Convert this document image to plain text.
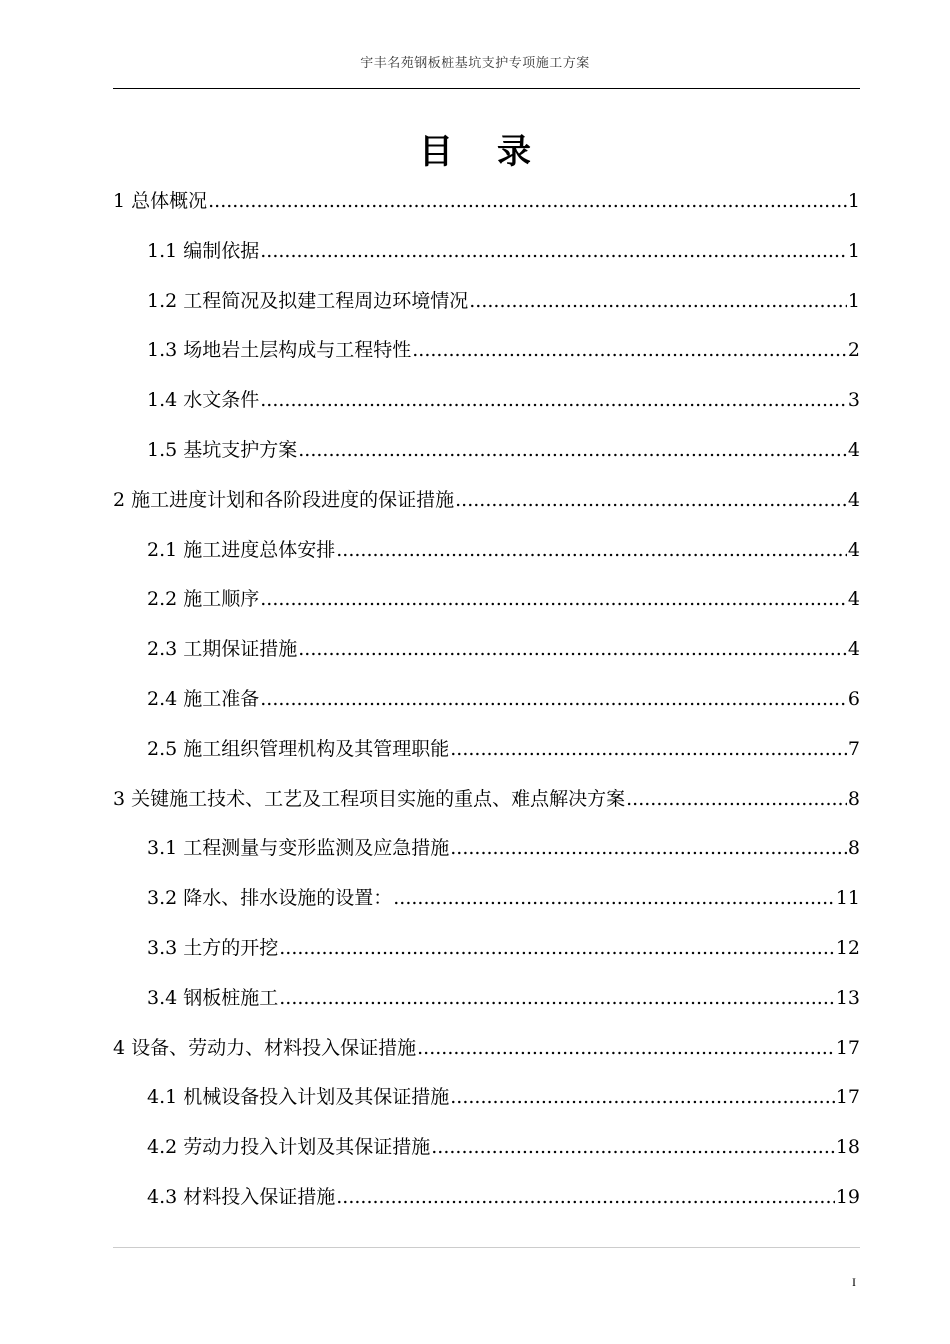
宇丰名苑钢板桩基坑支护专项施工方案
目录
1 总体概况 .....	1
1.1 编制依据 .....	1
1.2 工程简况及拟建工程周边环境情况 .....	1
1.3 场地岩土层构成与工程特性 .....	2
1.4 水文条件 .....	3
1.5 基坑支护方案 .....	4
2 施工进度计划和各阶段进度的保证措施 .....	4
2.1 施工进度总体安排 .....	4
2.2 施工顺序 .....	4
2.3 工期保证措施 .....	4
2.4 施工准备 .....	6
2.5 施工组织管理机构及其管理职能 .....	7
3 关键施工技术、工艺及工程项目实施的重点、难点解决方案 .....	8
3.1 工程测量与变形监测及应急措施 .....	8
3.2 降水、排水设施的设置： .....	11
3.3 土方的开挖 .....	12
3.4 钢板桩施工 .....	13
4 设备、劳动力、材料投入保证措施 .....	17
4.1 机械设备投入计划及其保证措施 .....	17
4.2 劳动力投入计划及其保证措施 .....	18
4.3 材料投入保证措施 .....	19
I
